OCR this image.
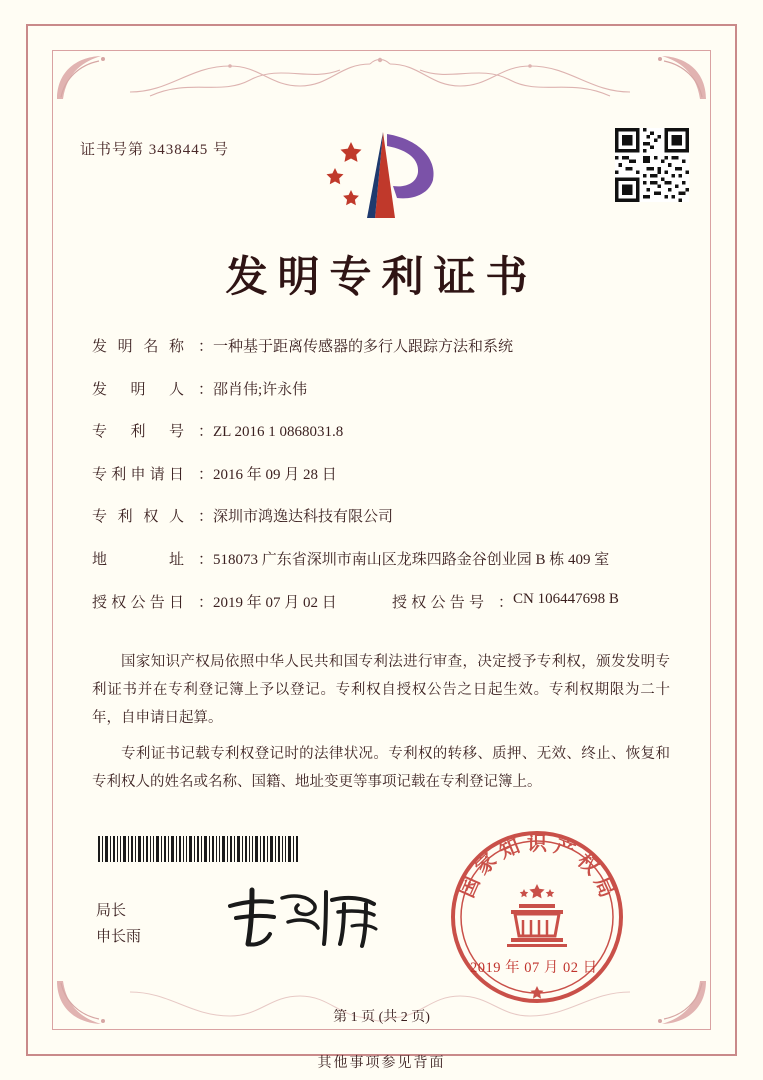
证书号第 3438445 号
发明专利证书
发明名称 ： 一种基于距离传感器的多行人跟踪方法和系统
发明人 ： 邵肖伟;许永伟
专利号 ： ZL 2016 1 0868031.8
专利申请日 ： 2016 年 09 月 28 日
专利权人 ： 深圳市鸿逸达科技有限公司
地址 ： 518073 广东省深圳市南山区龙珠四路金谷创业园 B 栋 409 室
授权公告日 ： 2019 年 07 月 02 日	授权公告号 ： CN 106447698 B

国家知识产权局依照中华人民共和国专利法进行审查，决定授予专利权，颁发发明专利证书并在专利登记簿上予以登记。专利权自授权公告之日起生效。专利权期限为二十年，自申请日起算。

专利证书记载专利权登记时的法律状况。专利权的转移、质押、无效、终止、恢复和专利权人的姓名或名称、国籍、地址变更等事项记载在专利登记簿上。

局长
申长雨
国
家
知 识 产
权
局
2019 年 07 月 02 日
第 1 页 (共 2 页)
其他事项参见背面
